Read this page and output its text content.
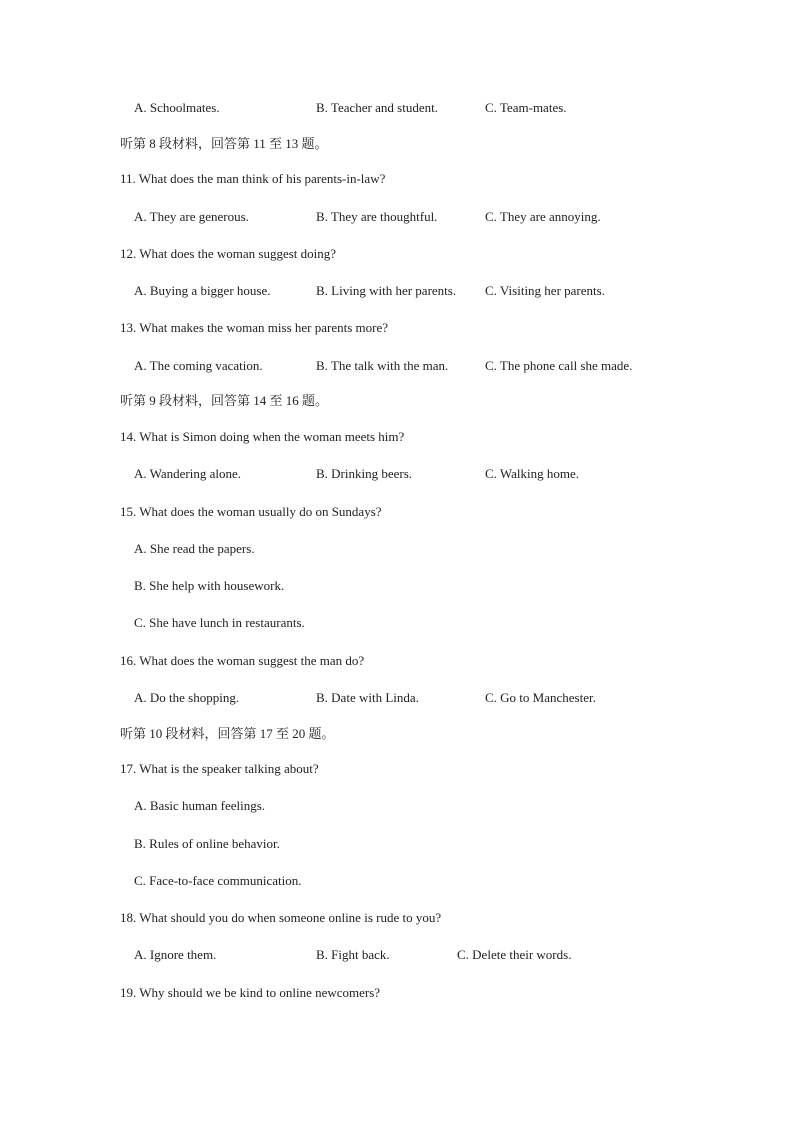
A. Schoolmates.	B. Teacher and student.	C. Team-mates.
听第 8 段材料，回答第 11 至 13 题。
11. What does the man think of his parents-in-law?
A. They are generous.	B. They are thoughtful.	C. They are annoying.
12. What does the woman suggest doing?
A. Buying a bigger house.	B. Living with her parents. C. Visiting her parents.
13. What makes the woman miss her parents more?
A. The coming vacation.	B. The talk with the man.	C. The phone call she made.
听第 9 段材料，回答第 14 至 16 题。
14. What is Simon doing when the woman meets him?
A. Wandering alone.	B. Drinking beers.	C. Walking home.
15. What does the woman usually do on Sundays?
A. She read the papers.
B. She help with housework.
C. She have lunch in restaurants.
16. What does the woman suggest the man do?
A. Do the shopping.	B. Date with Linda.	C. Go to Manchester.
听第 10 段材料，回答第 17 至 20 题。
17. What is the speaker talking about?
A. Basic human feelings.
B. Rules of online behavior.
C. Face-to-face communication.
18. What should you do when someone online is rude to you?
A. Ignore them.	B. Fight back.	C. Delete their words.
19. Why should we be kind to online newcomers?
